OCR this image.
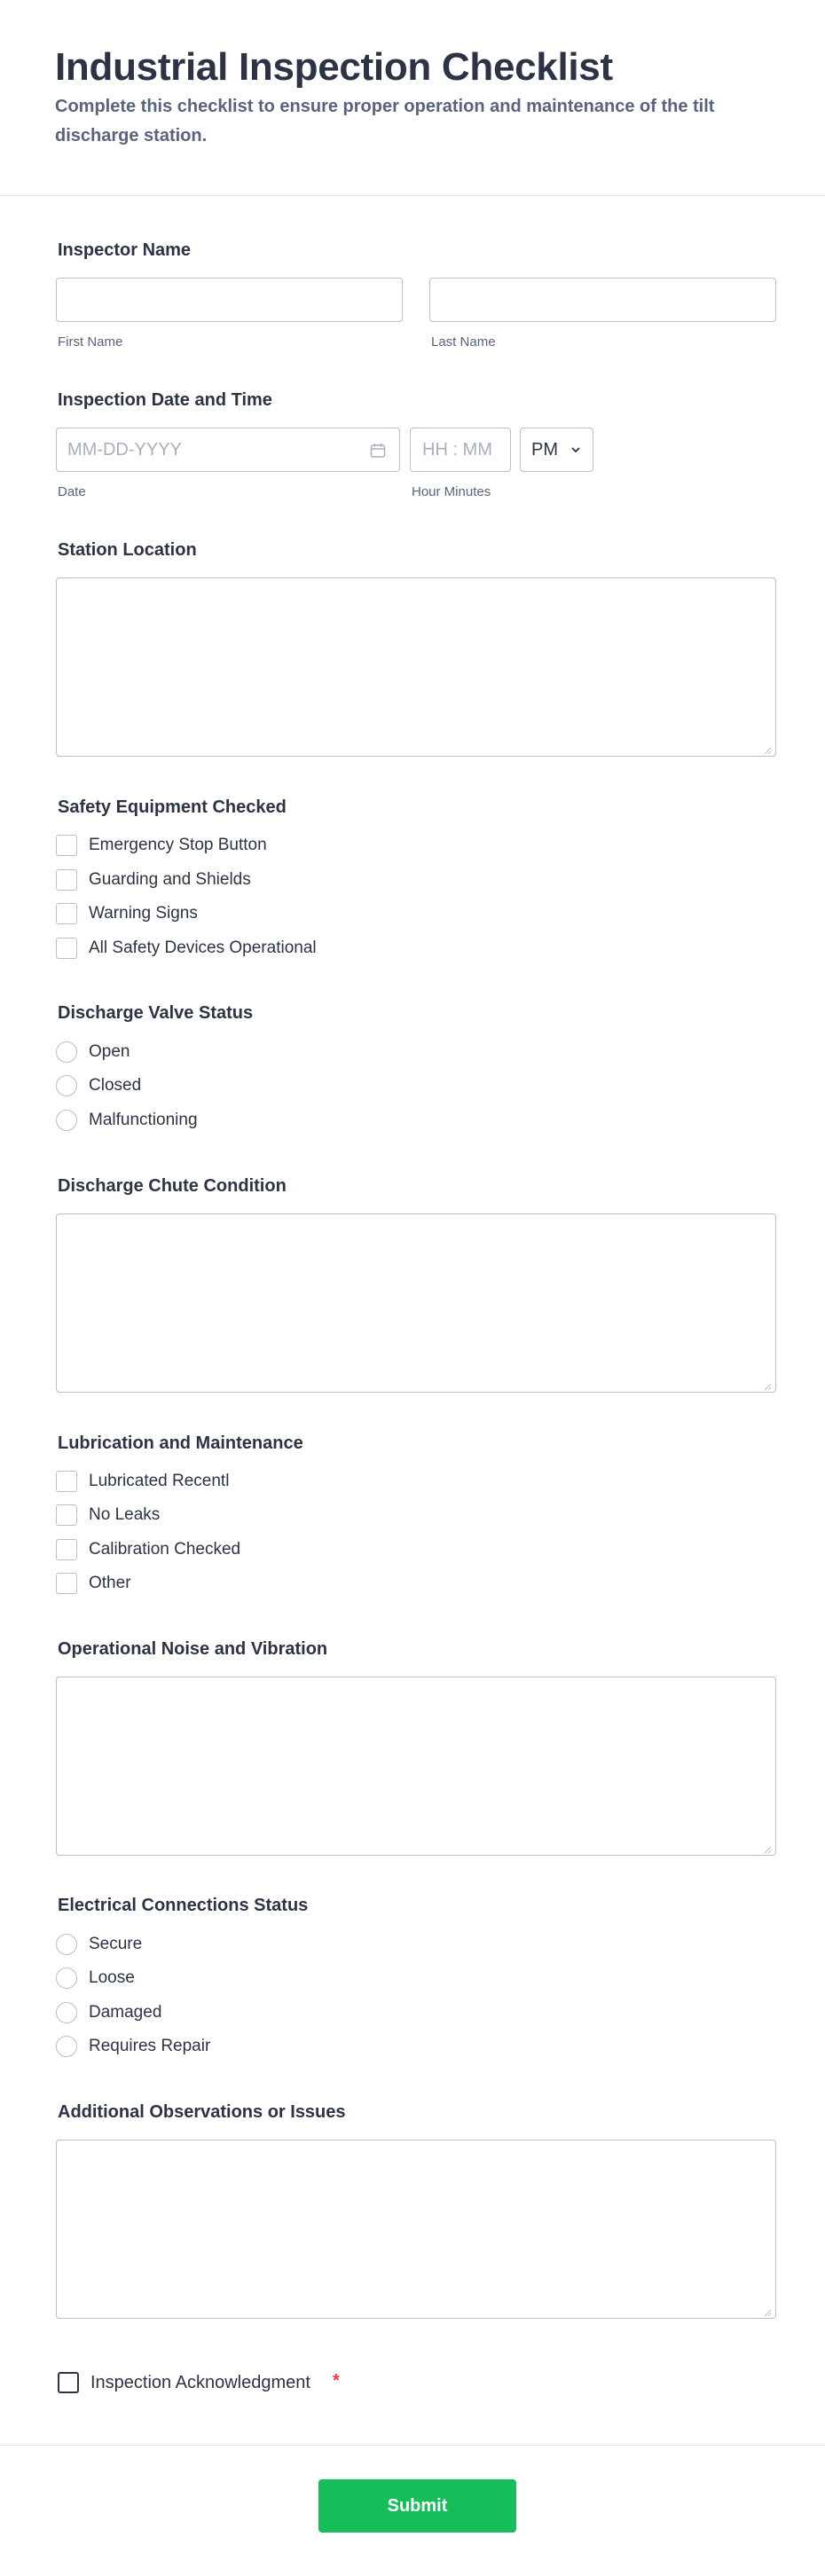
Industrial Inspection Checklist

Complete this checklist to ensure proper operation and maintenance of the tilt discharge station.

Inspector Name
First Name	Last Name
Inspection Date and Time
MM-DD-YYYY	HH : MM PM
Date	Hour Minutes
Station Location
Safety Equipment Checked
Emergency Stop Button
Guarding and Shields
Warning Signs
All Safety Devices Operational
Discharge Valve Status
Open
Closed
Malfunctioning
Discharge Chute Condition
Lubrication and Maintenance
Lubricated Recentl
No Leaks
Calibration Checked
Other
Operational Noise and Vibration
Electrical Connections Status
Secure
Loose
Damaged
Requires Repair
Additional Observations or Issues
Inspection Acknowledgment *
Submit
